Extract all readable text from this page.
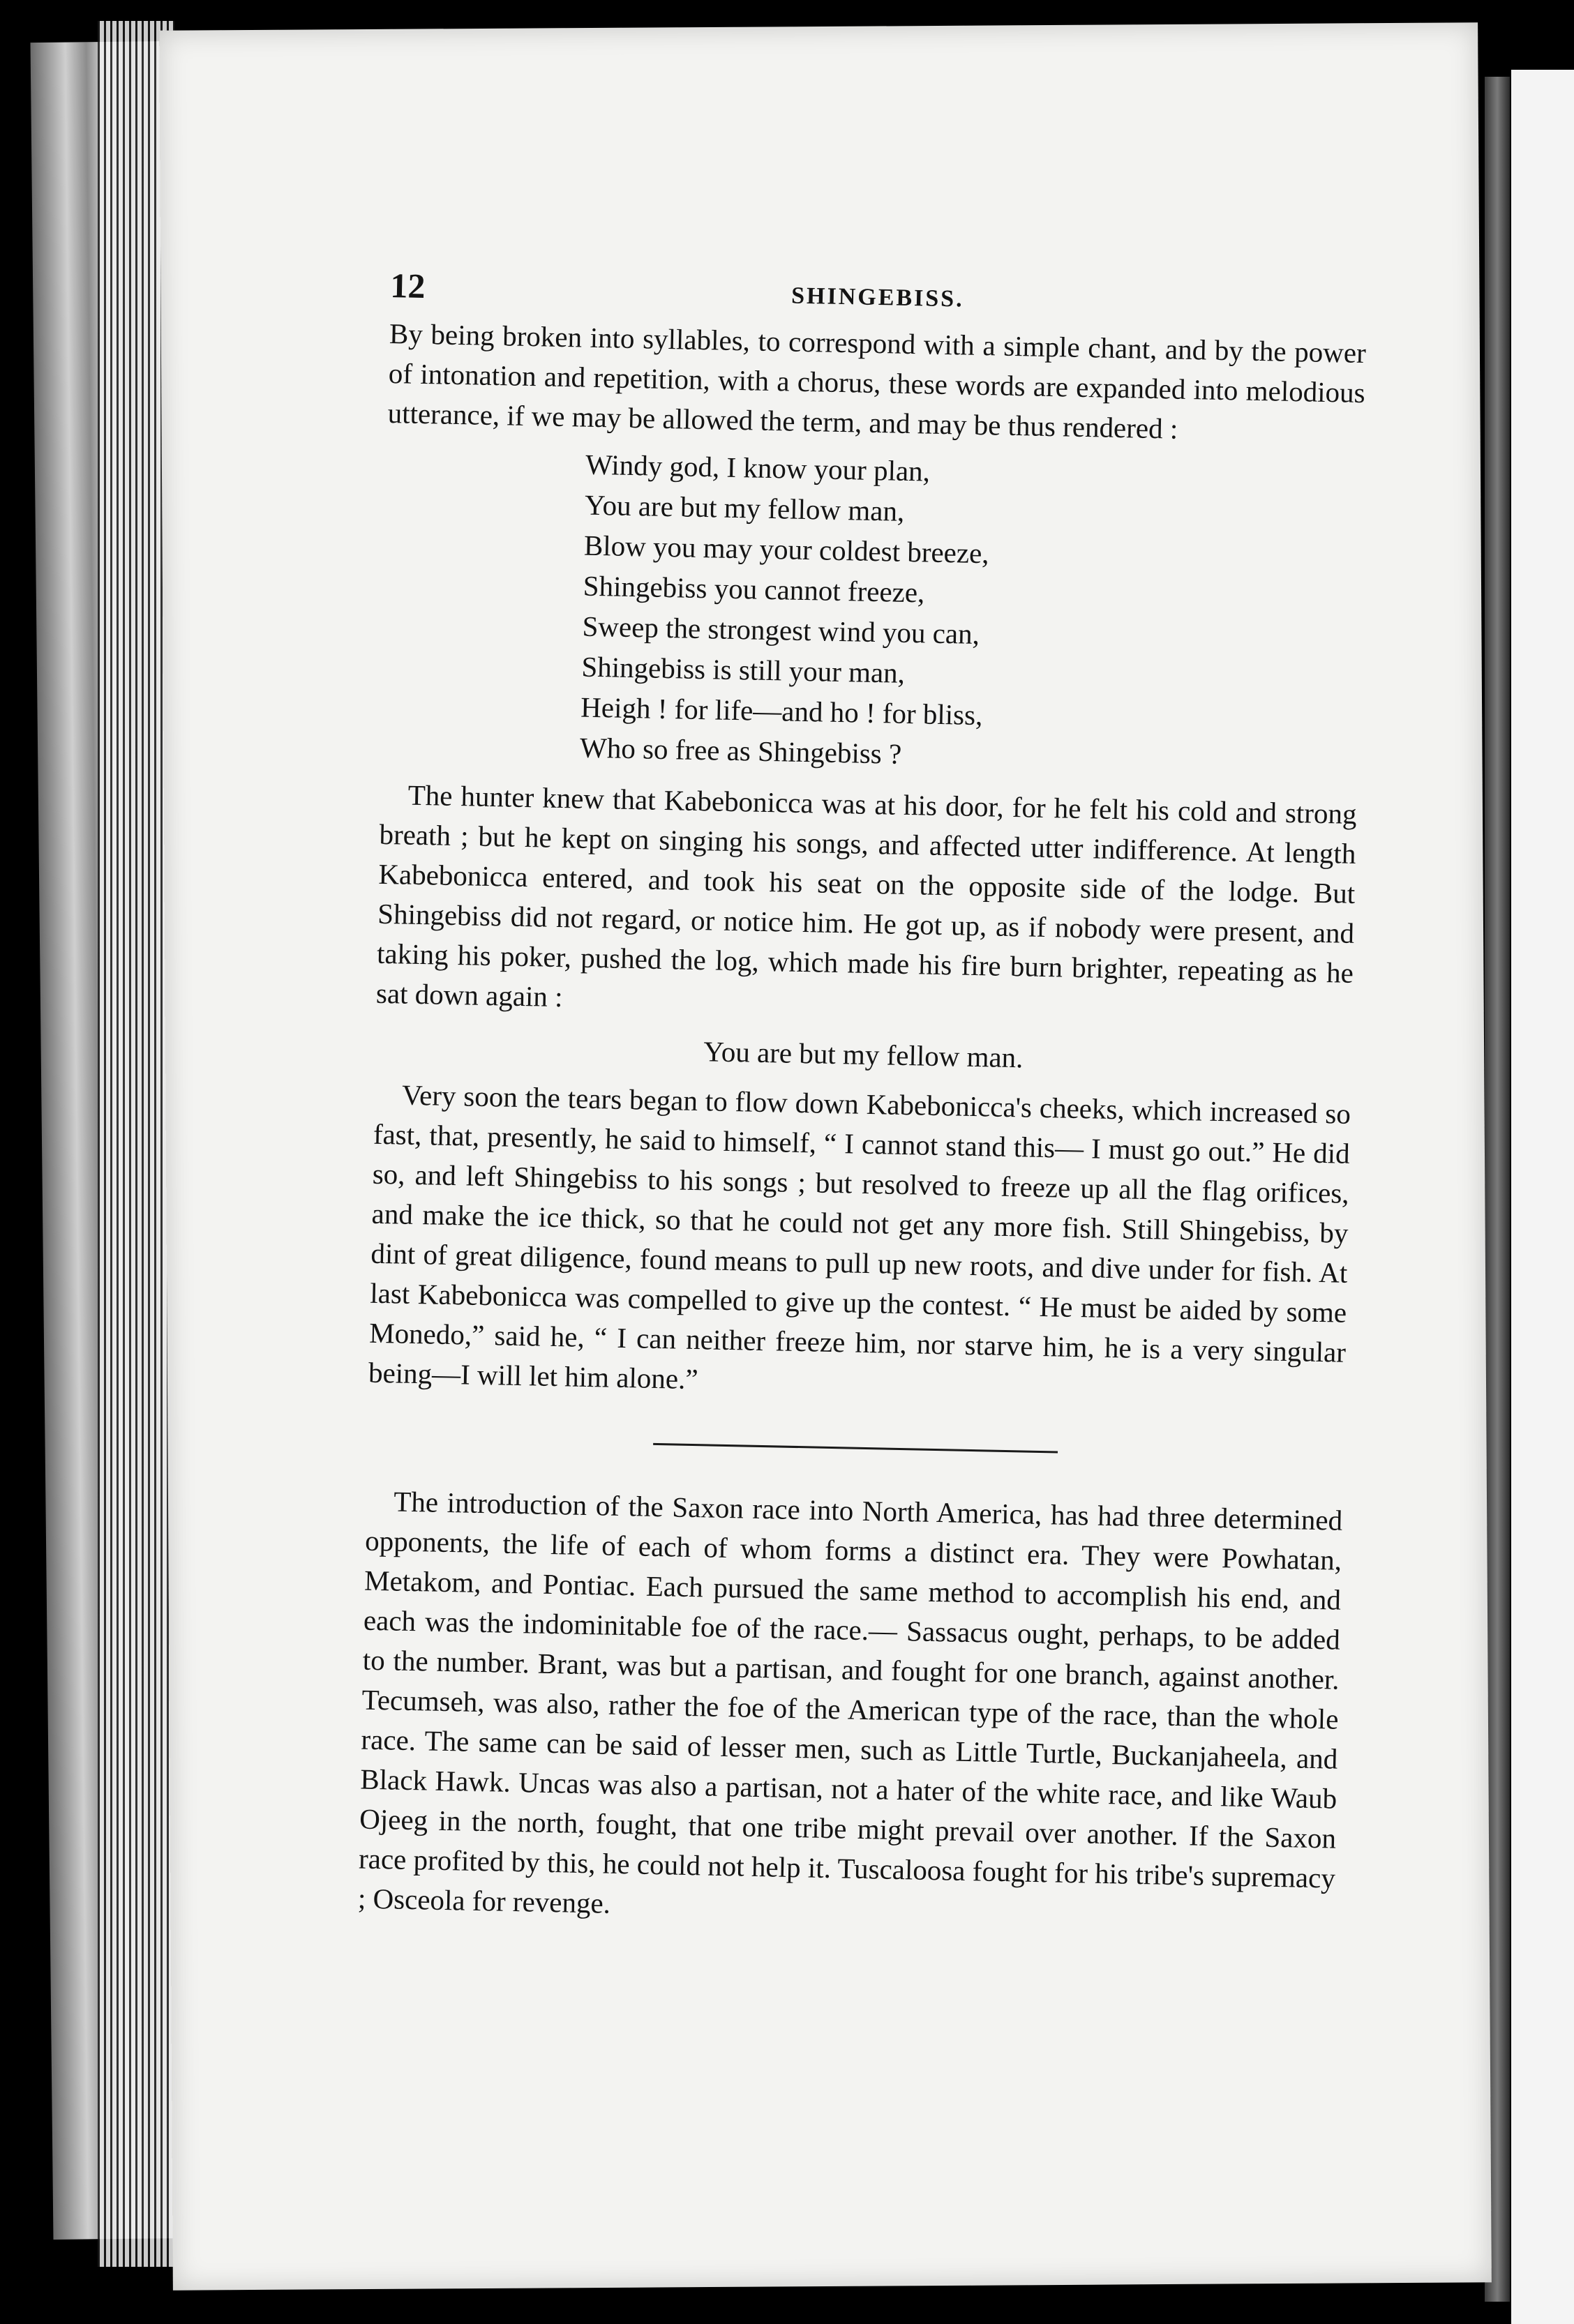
12	SHINGEBISS.

By being broken into syllables, to correspond with a simple chant, and by the power of intonation and repetition, with a chorus, these words are expanded into melodious utterance, if we may be allowed the term, and may be thus rendered :

Windy god, I know your plan,
You are but my fellow man,
Blow you may your coldest breeze,
Shingebiss you cannot freeze,
Sweep the strongest wind you can,
Shingebiss is still your man,
Heigh ! for life—and ho ! for bliss,
Who so free as Shingebiss ?

The hunter knew that Kabebonicca was at his door, for he felt his cold and strong breath ; but he kept on singing his songs, and affected utter indifference. At length Kabebonicca entered, and took his seat on the opposite side of the lodge. But Shingebiss did not regard, or notice him. He got up, as if nobody were present, and taking his poker, pushed the log, which made his fire burn brighter, repeating as he sat down again :

You are but my fellow man.

Very soon the tears began to flow down Kabebonicca's cheeks, which increased so fast, that, presently, he said to himself, “ I cannot stand this— I must go out.” He did so, and left Shingebiss to his songs ; but resolved to freeze up all the flag orifices, and make the ice thick, so that he could not get any more fish. Still Shingebiss, by dint of great diligence, found means to pull up new roots, and dive under for fish. At last Kabebonicca was compelled to give up the contest. “ He must be aided by some Monedo,” said he, “ I can neither freeze him, nor starve him, he is a very singular being—I will let him alone.”

The introduction of the Saxon race into North America, has had three determined opponents, the life of each of whom forms a distinct era. They were Powhatan, Metakom, and Pontiac. Each pursued the same method to accomplish his end, and each was the indominitable foe of the race.— Sassacus ought, perhaps, to be added to the number. Brant, was but a partisan, and fought for one branch, against another. Tecumseh, was also, rather the foe of the American type of the race, than the whole race. The same can be said of lesser men, such as Little Turtle, Buckanjaheela, and Black Hawk. Uncas was also a partisan, not a hater of the white race, and like Waub Ojeeg in the north, fought, that one tribe might prevail over another. If the Saxon race profited by this, he could not help it. Tuscaloosa fought for his tribe's supremacy ; Osceola for revenge.
